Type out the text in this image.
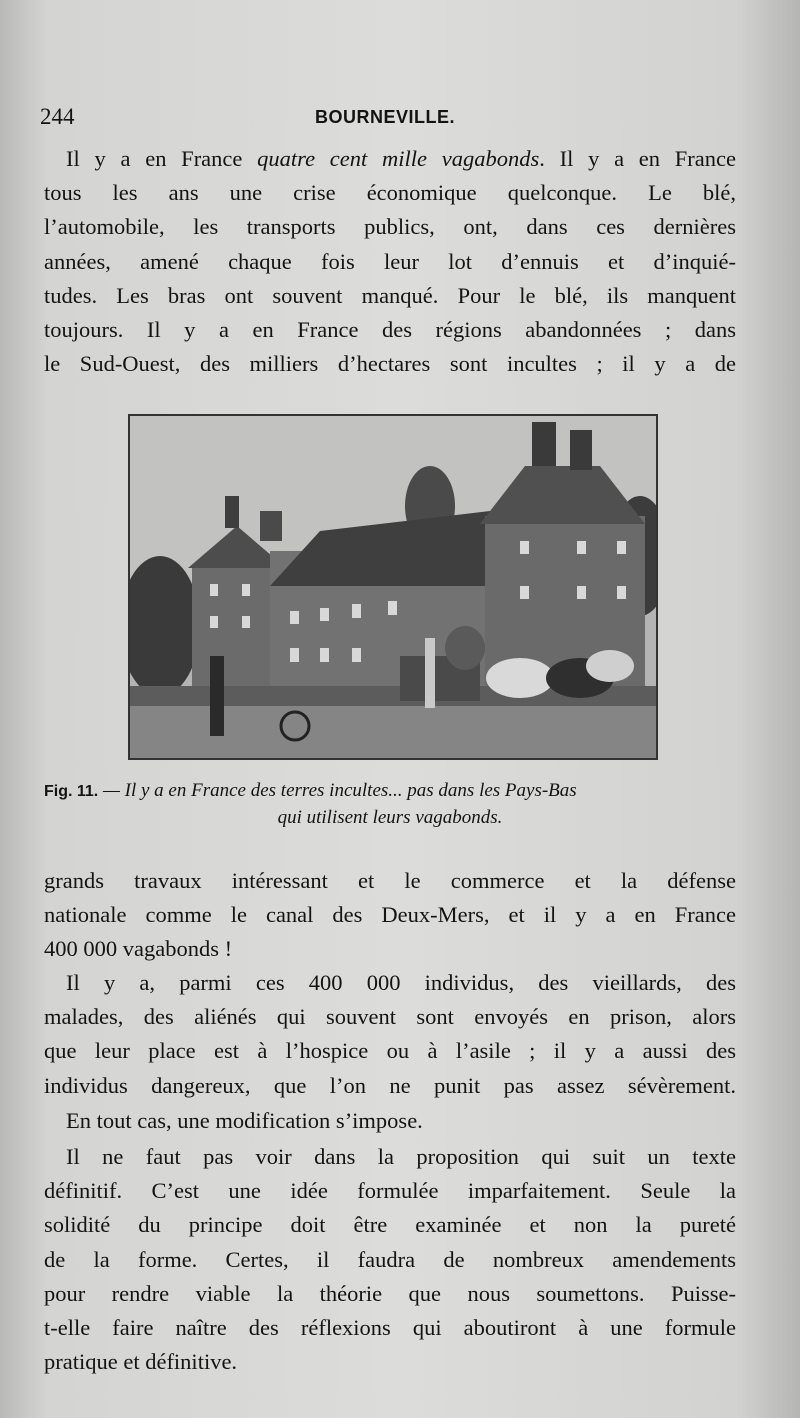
244	BOURNEVILLE.

Il y a en France quatre cent mille vagabonds. Il y a en France
tous les ans une crise économique quelconque. Le blé,
l’automobile, les transports publics, ont, dans ces dernières
années, amené chaque fois leur lot d’ennuis et d’inquié-
tudes. Les bras ont souvent manqué. Pour le blé, ils manquent
toujours. Il y a en France des régions abandonnées ; dans
le Sud-Ouest, des milliers d’hectares sont incultes ; il y a de

Fig. 11. — Il y a en France des terres incultes... pas dans les Pays-Bas
qui utilisent leurs vagabonds.

grands travaux intéressant et le commerce et la défense
nationale comme le canal des Deux-Mers, et il y a en France
400 000 vagabonds !

Il y a, parmi ces 400 000 individus, des vieillards, des
malades, des aliénés qui souvent sont envoyés en prison, alors
que leur place est à l’hospice ou à l’asile ; il y a aussi des
individus dangereux, que l’on ne punit pas assez sévèrement.

En tout cas, une modification s’impose.

Il ne faut pas voir dans la proposition qui suit un texte
définitif. C’est une idée formulée imparfaitement. Seule la
solidité du principe doit être examinée et non la pureté
de la forme. Certes, il faudra de nombreux amendements
pour rendre viable la théorie que nous soumettons. Puisse-
t-elle faire naître des réflexions qui aboutiront à une formule
pratique et définitive.
